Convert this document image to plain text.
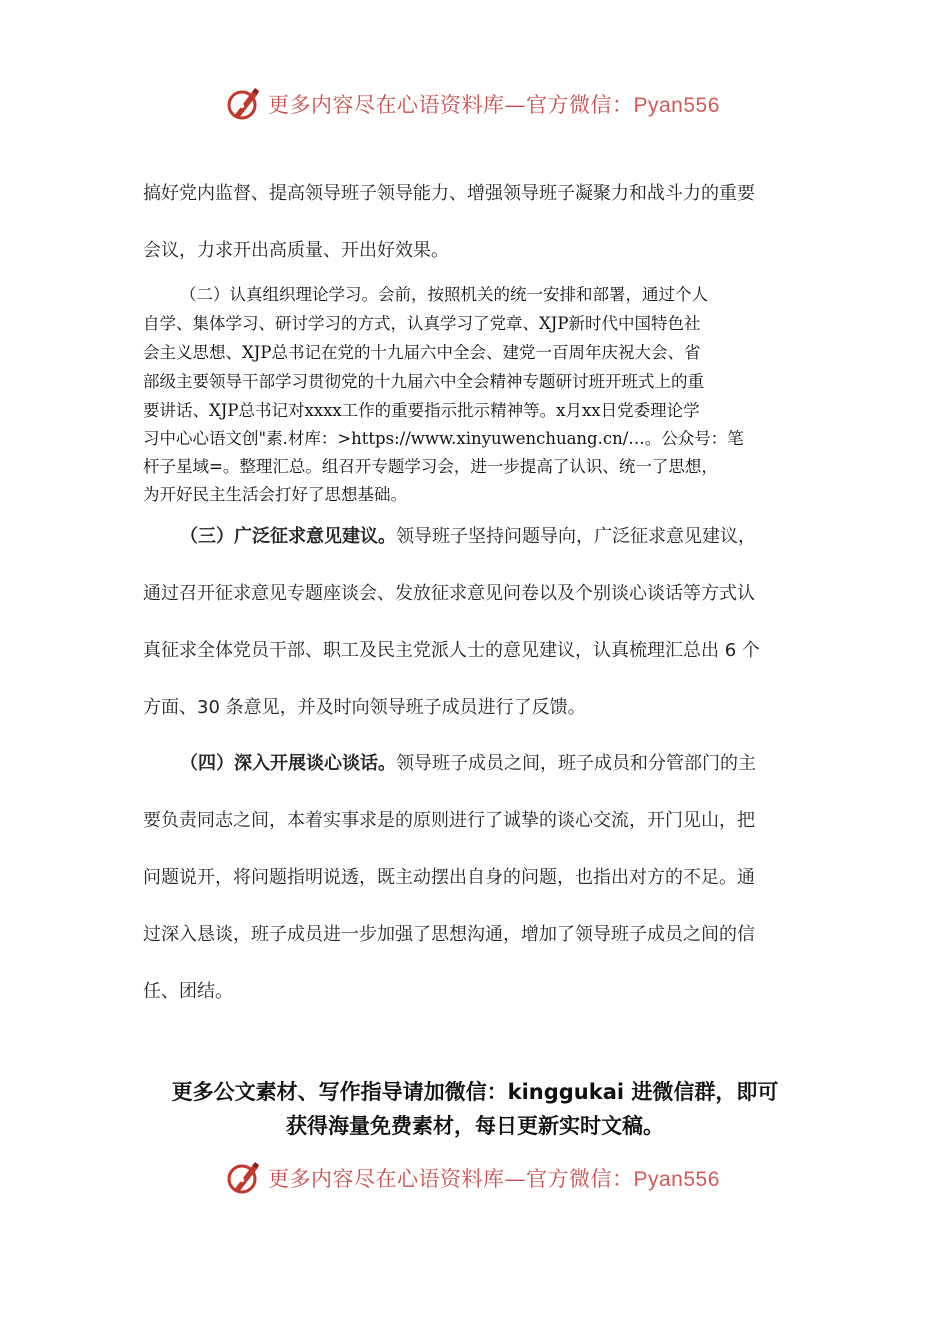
更多内容尽在心语资料库—官方微信：Pyan556
搞好党内监督、提高领导班子领导能力、增强领导班子凝聚力和战斗力的重要
会议，力求开出高质量、开出好效果。
（二）认真组织理论学习。会前，按照机关的统一安排和部署，通过个人
自学、集体学习、研讨学习的方式，认真学习了党章、XJP新时代中国特色社
会主义思想、XJP总书记在党的十九届六中全会、建党一百周年庆祝大会、省
部级主要领导干部学习贯彻党的十九届六中全会精神专题研讨班开班式上的重
要讲话、XJP总书记对xxxx工作的重要指示批示精神等。x月xx日党委理论学
习中心心语文创"素.材库：>https://www.xinyuwenchuang.cn/…。公众号：笔
杆子星域=。整理汇总。组召开专题学习会，进一步提高了认识、统一了思想，
为开好民主生活会打好了思想基础。
（三）广泛征求意见建议。领导班子坚持问题导向，广泛征求意见建议，
通过召开征求意见专题座谈会、发放征求意见问卷以及个别谈心谈话等方式认
真征求全体党员干部、职工及民主党派人士的意见建议，认真梳理汇总出 6 个
方面、30 条意见，并及时向领导班子成员进行了反馈。
（四）深入开展谈心谈话。领导班子成员之间，班子成员和分管部门的主
要负责同志之间，本着实事求是的原则进行了诚挚的谈心交流，开门见山，把
问题说开，将问题指明说透，既主动摆出自身的问题，也指出对方的不足。通
过深入恳谈，班子成员进一步加强了思想沟通，增加了领导班子成员之间的信
任、团结。
更多公文素材、写作指导请加微信：kinggukai 进微信群，即可
获得海量免费素材，每日更新实时文稿。
更多内容尽在心语资料库—官方微信：Pyan556
